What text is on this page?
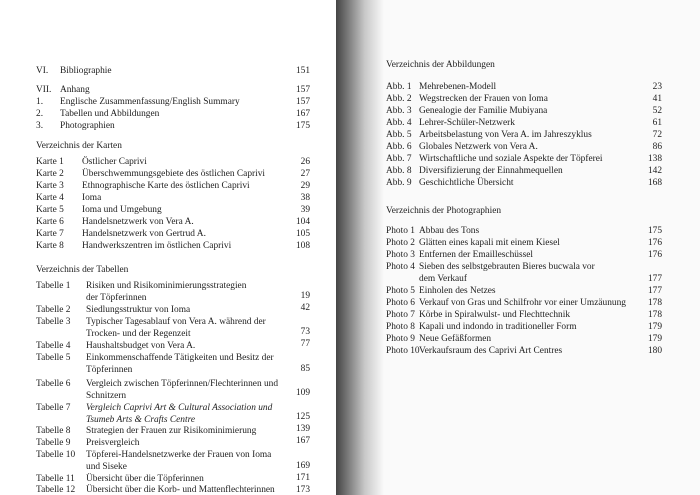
VI. Bibliographie	151
VII. Anhang	157
1. Englische Zusammenfassung/English Summary	157
2. Tabellen und Abbildungen	167
3. Photographien	175
Verzeichnis der Karten
Karte 1 Östlicher Caprivi	26
Karte 2 Überschwemmungsgebiete des östlichen Caprivi	27
Karte 3 Ethnographische Karte des östlichen Caprivi	29
Karte 4 Ioma	38
Karte 5 Ioma und Umgebung	39
Karte 6 Handelsnetzwerk von Vera A.	104
Karte 7 Handelsnetzwerk von Gertrud A.	105
Karte 8 Handwerkszentren im östlichen Caprivi	108
Verzeichnis der Tabellen
Tabelle 1 Risiken und Risikominimierungsstrategien
der Töpferinnen	19
Tabelle 2 Siedlungsstruktur von Ioma	42
Tabelle 3 Typischer Tagesablauf von Vera A. während der
Trocken- und der Regenzeit	73
Tabelle 4 Haushaltsbudget von Vera A.	77
Tabelle 5 Einkommenschaffende Tätigkeiten und Besitz der
Töpferinnen	85
Tabelle 6 Vergleich zwischen Töpferinnen/Flechterinnen und
Schnitzern	109
Tabelle 7 Vergleich Caprivi Art & Cultural Association und
Tsumeb Arts & Crafts Centre	125
Tabelle 8 Strategien der Frauen zur Risikominimierung	139
Tabelle 9 Preisvergleich	167
Tabelle 10 Töpferei-Handelsnetzwerke der Frauen von Ioma
und Siseke	169
Tabelle 11 Übersicht über die Töpferinnen	171
Tabelle 12 Übersicht über die Korb- und Mattenflechterinnen 173
Verzeichnis der Abbildungen
Abb. 1 Mehrebenen-Modell	23
Abb. 2 Wegstrecken der Frauen von Ioma	41
Abb. 3 Genealogie der Familie Mubiyana	52
Abb. 4 Lehrer-Schüler-Netzwerk	61
Abb. 5 Arbeitsbelastung von Vera A. im Jahreszyklus	72
Abb. 6 Globales Netzwerk von Vera A.	86
Abb. 7 Wirtschaftliche und soziale Aspekte der Töpferei	138
Abb. 8 Diversifizierung der Einnahmequellen	142
Abb. 9 Geschichtliche Übersicht	168
Verzeichnis der Photographien
Photo 1 Abbau des Tons	175
Photo 2 Glätten eines kapali mit einem Kiesel	176
Photo 3 Entfernen der Emailleschüssel	176
Photo 4 Sieben des selbstgebrauten Bieres bucwala vor
dem Verkauf	177
Photo 5 Einholen des Netzes	177
Photo 6 Verkauf von Gras und Schilfrohr vor einer Umzäunung 178
Photo 7 Körbe in Spiralwulst- und Flechttechnik	178
Photo 8 Kapali und indondo in traditioneller Form	179
Photo 9 Neue Gefäßformen	179
Photo 10Verkaufsraum des Caprivi Art Centres	180
